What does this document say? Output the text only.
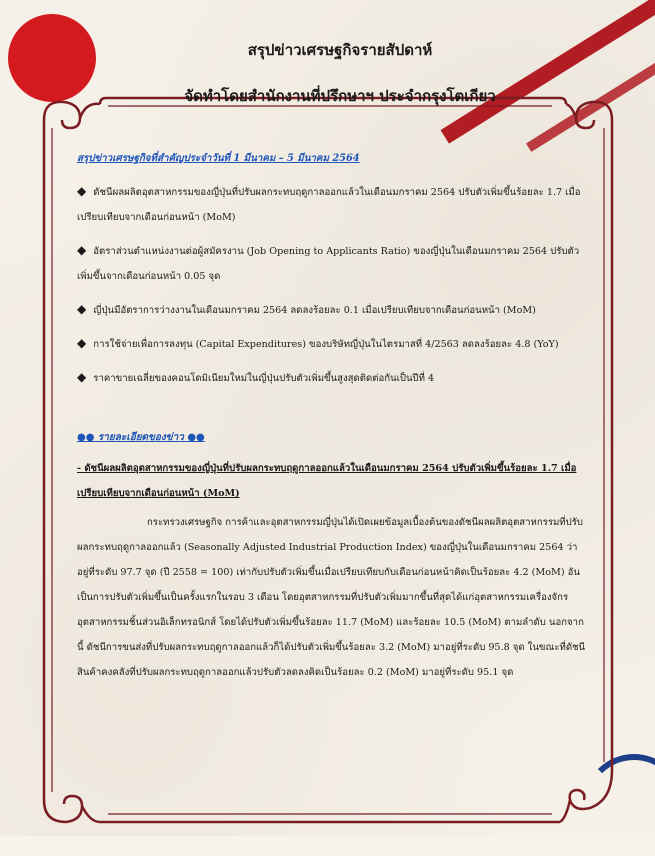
สรุปข่าวเศรษฐกิจรายสัปดาห์

จัดทำโดยสำนักงานที่ปรึกษาฯ ประจำกรุงโตเกียว

สรุปข่าวเศรษฐกิจที่สำคัญประจำวันที่ 1 มีนาคม – 5 มีนาคม 2564

◆ ดัชนีผลผลิตอุตสาหกรรมของญี่ปุ่นที่ปรับผลกระทบฤดูกาลออกแล้วในเดือนมกราคม 2564 ปรับตัวเพิ่มขึ้นร้อยละ 1.7 เมื่อเปรียบเทียบจากเดือนก่อนหน้า (MoM)

◆ อัตราส่วนตำแหน่งงานต่อผู้สมัครงาน (Job Opening to Applicants Ratio) ของญี่ปุ่นในเดือนมกราคม 2564 ปรับตัวเพิ่มขึ้นจากเดือนก่อนหน้า 0.05 จุด

◆ ญี่ปุ่นมีอัตราการว่างงานในเดือนมกราคม 2564 ลดลงร้อยละ 0.1 เมื่อเปรียบเทียบจากเดือนก่อนหน้า (MoM)

◆ การใช้จ่ายเพื่อการลงทุน (Capital Expenditures) ของบริษัทญี่ปุ่นในไตรมาสที่ 4/2563 ลดลงร้อยละ 4.8 (YoY)

◆ ราคาขายเฉลี่ยของคอนโดมิเนียมใหม่ในญี่ปุ่นปรับตัวเพิ่มขึ้นสูงสุดติดต่อกันเป็นปีที่ 4

●● รายละเอียดของข่าว ●●

- ดัชนีผลผลิตอุตสาหกรรมของญี่ปุ่นที่ปรับผลกระทบฤดูกาลออกแล้วในเดือนมกราคม 2564 ปรับตัวเพิ่มขึ้นร้อยละ 1.7 เมื่อเปรียบเทียบจากเดือนก่อนหน้า (MoM)

กระทรวงเศรษฐกิจ การค้าและอุตสาหกรรมญี่ปุ่นได้เปิดเผยข้อมูลเบื้องต้นของดัชนีผลผลิตอุตสาหกรรมที่ปรับผลกระทบฤดูกาลออกแล้ว (Seasonally Adjusted Industrial Production Index) ของญี่ปุ่นในเดือนมกราคม 2564 ว่าอยู่ที่ระดับ 97.7 จุด (ปี 2558 = 100) เท่ากับปรับตัวเพิ่มขึ้นเมื่อเปรียบเทียบกับเดือนก่อนหน้าคิดเป็นร้อยละ 4.2 (MoM) อันเป็นการปรับตัวเพิ่มขึ้นเป็นครั้งแรกในรอบ 3 เดือน โดยอุตสาหกรรมที่ปรับตัวเพิ่มมากขึ้นที่สุดได้แก่อุตสาหกรรมเครื่องจักรอุตสาหกรรมชิ้นส่วนอิเล็กทรอนิกส์ โดยได้ปรับตัวเพิ่มขึ้นร้อยละ 11.7 (MoM) และร้อยละ 10.5 (MoM) ตามลำดับ นอกจากนี้ ดัชนีการขนส่งที่ปรับผลกระทบฤดูกาลออกแล้วก็ได้ปรับตัวเพิ่มขึ้นร้อยละ 3.2 (MoM) มาอยู่ที่ระดับ 95.8 จุด ในขณะที่ดัชนีสินค้าคงคลังที่ปรับผลกระทบฤดูกาลออกแล้วปรับตัวลดลงคิดเป็นร้อยละ 0.2 (MoM) มาอยู่ที่ระดับ 95.1 จุด
